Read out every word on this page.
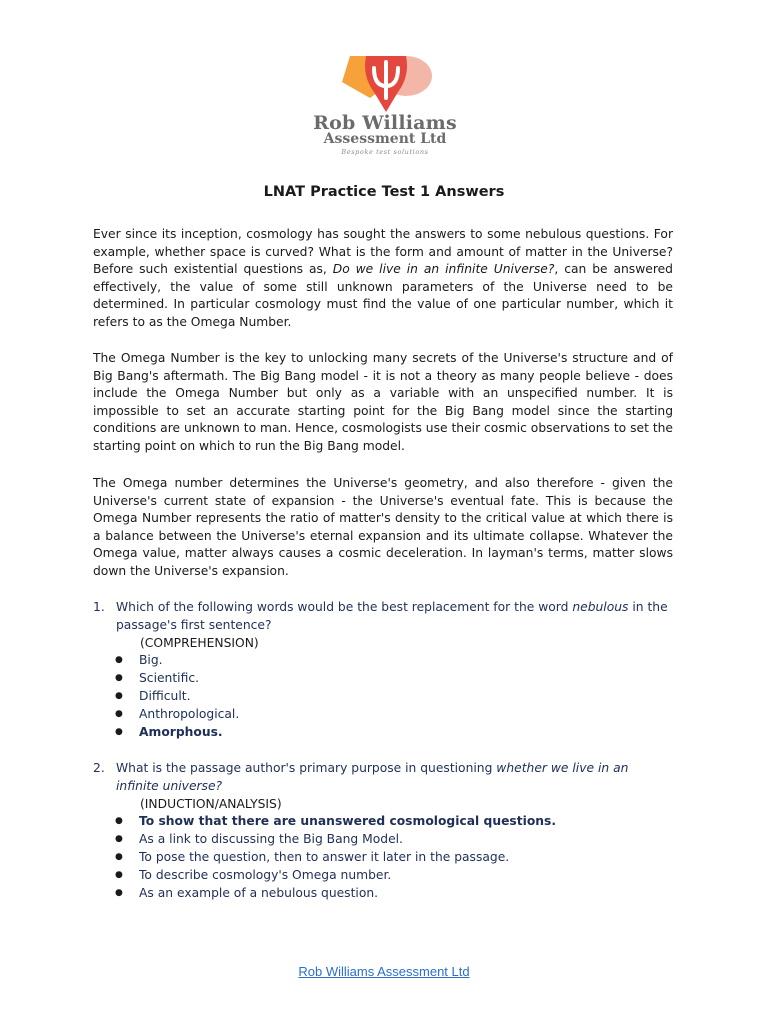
Rob Williams
Assessment Ltd
Bespoke test solutions
LNAT Practice Test 1 Answers

Ever since its inception, cosmology has sought the answers to some nebulous questions. For example, whether space is curved? What is the form and amount of matter in the Universe? Before such existential questions as, Do we live in an infinite Universe?, can be answered effectively, the value of some still unknown parameters of the Universe need to be determined. In particular cosmology must find the value of one particular number, which it refers to as the Omega Number.

The Omega Number is the key to unlocking many secrets of the Universe's structure and of Big Bang's aftermath. The Big Bang model - it is not a theory as many people believe - does include the Omega Number but only as a variable with an unspecified number. It is impossible to set an accurate starting point for the Big Bang model since the starting conditions are unknown to man. Hence, cosmologists use their cosmic observations to set the starting point on which to run the Big Bang model.

The Omega number determines the Universe's geometry, and also therefore - given the Universe's current state of expansion - the Universe's eventual fate. This is because the Omega Number represents the ratio of matter's density to the critical value at which there is a balance between the Universe's eternal expansion and its ultimate collapse. Whatever the Omega value, matter always causes a cosmic deceleration. In layman's terms, matter slows down the Universe's expansion.

1. Which of the following words would be the best replacement for the word nebulous in the passage's first sentence?
(COMPREHENSION)
● Big.
● Scientific.
● Difficult.
● Anthropological.
● Amorphous.
2. What is the passage author's primary purpose in questioning whether we live in an infinite universe?
(INDUCTION/ANALYSIS)
● To show that there are unanswered cosmological questions.
● As a link to discussing the Big Bang Model.
● To pose the question, then to answer it later in the passage.
● To describe cosmology's Omega number.
● As an example of a nebulous question.
Rob Williams Assessment Ltd
